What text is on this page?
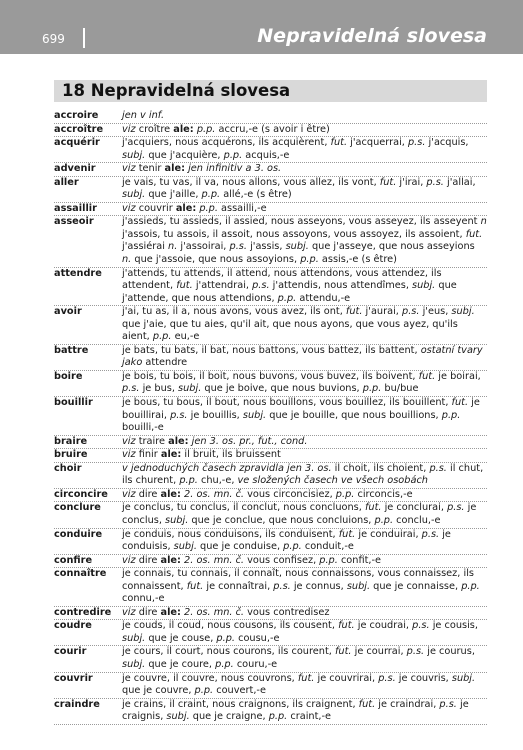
699	Nepravidelná slovesa
18 Nepravidelná slovesa
accroire	jen v inf.
accroître	viz croître ale: p.p. accru,-e (s avoir i être)
acquérir	j'acquiers, nous acquérons, ils acquièrent, fut. j'acquerrai, p.s. j'acquis, subj. que j'acquière, p.p. acquis,-e
advenir	viz tenir ale: jen infinitiv a 3. os.
aller	je vais, tu vas, il va, nous allons, vous allez, ils vont, fut. j'irai, p.s. j'allai, subj. que j'aille, p.p. allé,-e (s être)
assaillir	viz couvrir ale: p.p. assailli,-e
asseoir	j'assieds, tu assieds, il assied, nous asseyons, vous asseyez, ils asseyent n j'assois, tu assois, il assoit, nous assoyons, vous assoyez, ils assoient, fut. j'assiérai n. j'assoirai, p.s. j'assis, subj. que j'asseye, que nous asseyions n. que j'assoie, que nous assoyions, p.p. assis,-e (s être)
attendre	j'attends, tu attends, il attend, nous attendons, vous attendez, ils attendent, fut. j'attendrai, p.s. j'attendis, nous attendîmes, subj. que j'attende, que nous attendions, p.p. attendu,-e
avoir	j'ai, tu as, il a, nous avons, vous avez, ils ont, fut. j'aurai, p.s. j'eus, subj. que j'aie, que tu aies, qu'il ait, que nous ayons, que vous ayez, qu'ils aient, p.p. eu,-e
battre	je bats, tu bats, il bat, nous battons, vous battez, ils battent, ostatní tvary jako attendre
boire	je bois, tu bois, il boit, nous buvons, vous buvez, ils boivent, fut. je boirai, p.s. je bus, subj. que je boive, que nous buvions, p.p. bu/bue
bouillir	je bous, tu bous, il bout, nous bouillons, vous bouillez, ils bouillent, fut. je bouillirai, p.s. je bouillis, subj. que je bouille, que nous bouillions, p.p. bouilli,-e
braire	viz traire ale: jen 3. os. pr., fut., cond.
bruire	viz finir ale: il bruit, ils bruissent
choir	v jednoduchých časech zpravidla jen 3. os. il choit, ils choient, p.s. il chut, ils churent, p.p. chu,-e, ve složených časech ve všech osobách
circoncire	viz dire ale: 2. os. mn. č. vous circoncisiez, p.p. circoncis,-e
conclure	je conclus, tu conclus, il conclut, nous concluons, fut. je conclurai, p.s. je conclus, subj. que je conclue, que nous concluions, p.p. conclu,-e
conduire	je conduis, nous conduisons, ils conduisent, fut. je conduirai, p.s. je conduisis, subj. que je conduise, p.p. conduit,-e
confire	viz dire ale: 2. os. mn. č. vous confisez, p.p. confit,-e
connaître	je connais, tu connais, il connaît, nous connaissons, vous connaissez, ils connaissent, fut. je connaîtrai, p.s. je connus, subj. que je connaisse, p.p. connu,-e
contredire	viz dire ale: 2. os. mn. č. vous contredisez
coudre	je couds, il coud, nous cousons, ils cousent, fut. je coudrai, p.s. je cousis, subj. que je couse, p.p. cousu,-e
courir	je cours, il court, nous courons, ils courent, fut. je courrai, p.s. je courus, subj. que je coure, p.p. couru,-e
couvrir	je couvre, il couvre, nous couvrons, fut. je couvrirai, p.s. je couvris, subj. que je couvre, p.p. couvert,-e
craindre	je crains, il craint, nous craignons, ils craignent, fut. je craindrai, p.s. je craignis, subj. que je craigne, p.p. craint,-e
